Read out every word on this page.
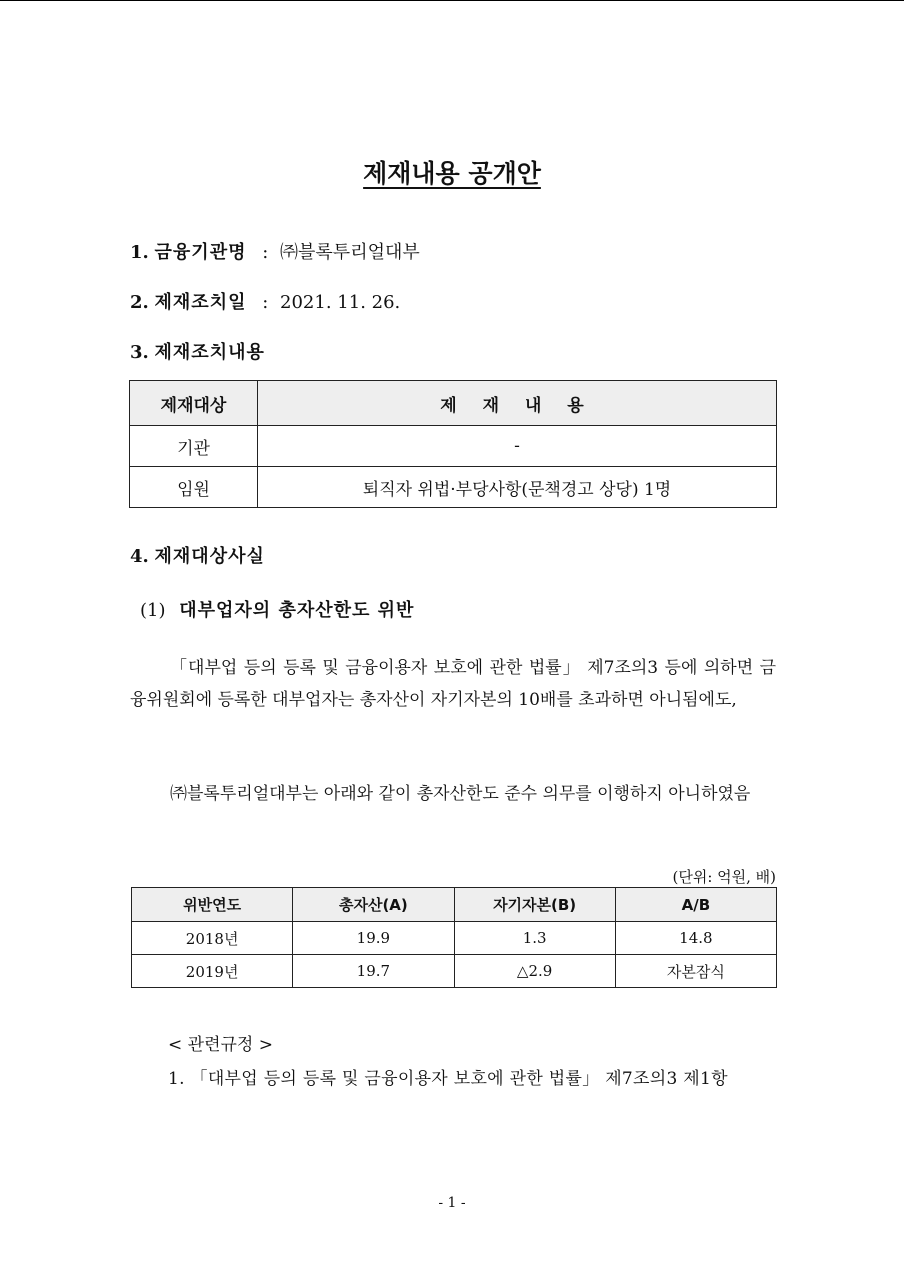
제재내용 공개안
1. 금융기관명 : ㈜블록투리얼대부
2. 제재조치일 : 2021. 11. 26.
3. 제재조치내용
제재대상	제 재 내 용
기관	-
임원	퇴직자 위법·부당사항(문책경고 상당) 1명
4. 제재대상사실
(1) 대부업자의 총자산한도 위반
「대부업 등의 등록 및 금융이용자 보호에 관한 법률」 제7조의3 등에 의하면 금융위원회에 등록한 대부업자는 총자산이 자기자본의 10배를 초과하면 아니됨에도,
㈜블록투리얼대부는 아래와 같이 총자산한도 준수 의무를 이행하지 아니하였음
(단위: 억원, 배)
위반연도	총자산(A)	자기자본(B)	A/B
2018년	19.9	1.3	14.8
2019년	19.7	△2.9	자본잠식
< 관련규정 >
1. 「대부업 등의 등록 및 금융이용자 보호에 관한 법률」 제7조의3 제1항
- 1 -
